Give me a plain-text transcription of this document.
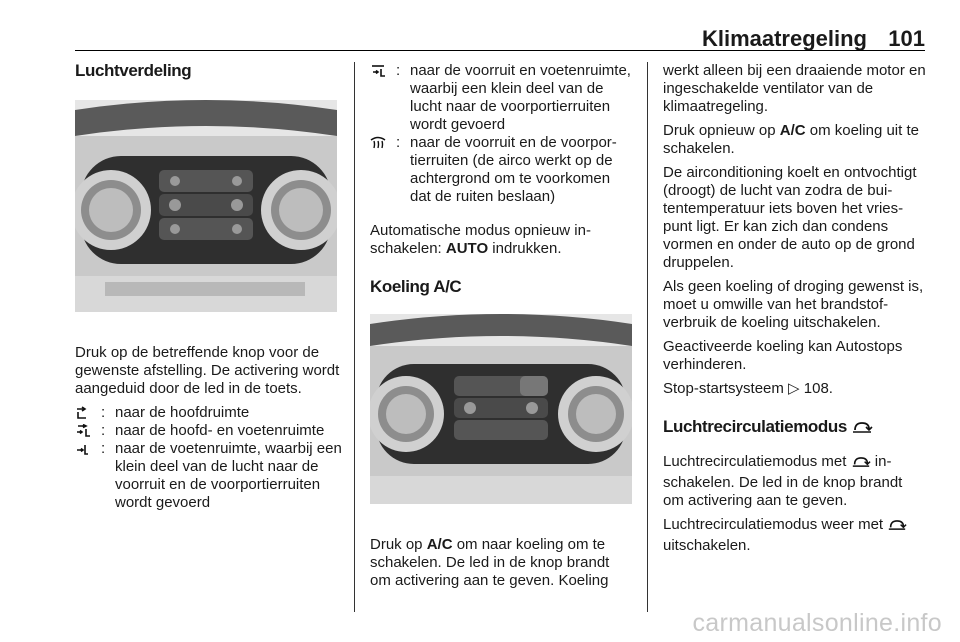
Klimaatregeling 101
Luchtverdeling

Druk op de betreffende knop voor de gewenste afstelling. De activering wordt aangeduid door de led in de toets.

: naar de hoofdruimte
: naar de hoofd- en voetenruimte
: naar de voetenruimte, waarbij een klein deel van de lucht naar de voorruit en de voorportierruiten wordt gevoerd
: naar de voorruit en voetenruimte, waarbij een klein deel van de lucht naar de voorportierruiten wordt gevoerd
: naar de voorruit en de voorportierruiten (de airco werkt op de achtergrond om te voorkomen dat de ruiten beslaan)

Automatische modus opnieuw inschakelen: AUTO indrukken.

Koeling A/C

Druk op A/C om naar koeling om te schakelen. De led in de knop brandt om activering aan te geven. Koeling

werkt alleen bij een draaiende motor en ingeschakelde ventilator van de klimaatregeling.

Druk opnieuw op A/C om koeling uit te schakelen.

De airconditioning koelt en ontvochtigt (droogt) de lucht van zodra de buitentemperatuur iets boven het vriespunt ligt. Er kan zich dan condens vormen en onder de auto op de grond druppelen.

Als geen koeling of droging gewenst is, moet u omwille van het brandstofverbruik de koeling uitschakelen.

Geactiveerde koeling kan Autostops verhinderen.

Stop-startsysteem ▷ 108.

Luchtrecirculatiemodus

Luchtrecirculatiemodus met  inschakelen. De led in de knop brandt om activering aan te geven.

Luchtrecirculatiemodus weer met  uitschakelen.

carmanualsonline.info
